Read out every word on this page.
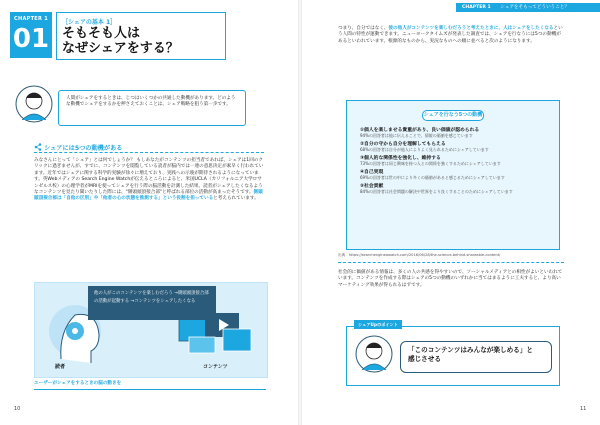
CHAPTER 1
01
［シェアの基本 1］
そもそも人は
なぜシェアをする？
人間がシェアをするときは、じつはいくつかの共通した動機があります。どのような動機でシェアをするかを押さえておくことは、シェア戦略を狙う第一歩です。
シェアには5つの動機がある
みなさんにとって「シェア」とは何でしょうか？ もしあなたがコンテンツの担当者であれば、シェアは1回のクリックに過ぎませんが、すでに、コンテンツを閲覧している読者が脳内では一連の意思決定が素早く行われています。近年ではシェアに関する科学的実験が徐々に増えており、実践への示唆が期待されるようになっています。英Webメディアの Search Engine Watchが伝えるところによると、米国UCLA（カリフォルニア大学ロサンゼルス校）の心理学者がMRIを使ってシェアを行う際の脳活動を計測した結果、読者がシェアしたくなるようなコンテンツを見たり聞いたりした際には、"側頭頭頂接合部"と呼ばれる部位の活動が高まったそうです。側頭頭頂接合部は「自他の区別」や「他者の心の状態を推測する」という役割を担っていると考えられています。
読者	コンテンツ
他の人がこのコンテンツを楽しむだろう →側頭頭頂接合部の活動が起動する →コンテンツをシェアしたくなる
ユーザーがシェアをするときの脳の動きを
10
CHAPTER 1 シェアをそもってどういうこと？
つまり、自分ではなく、彼の他人がコンテンツを楽しむだろうと考えたときに、人はシェアをしたくなるという人間の特性が運動できます。ニューヨークタイムズが発表した調査では、シェアを行なうには5つの動機があるといわれています。根源的なものから、実況なものへの順に並べると次のようになります。
シェアを行なう5つの動機
①価人を楽しませる貴重があり、良い価値が認められる
94%の回答者は他に伝えることで、情報の価値を感じています
②自分の守から自分を理解してもらえる
68%の回答者は自分が他人によりよく見られるためにシェアしています
③個人的な関係性を強化し、維持する
73%の回答者は同じ興味を持つ人との関係を強くするためにシェアしています
④自己実現
69%の回答者は世の中により多くの価値があると感じるためにシェアしています
⑤社会貢献
84%の回答者は社会問題の解決や世界をより良くすることのためにシェアしています
出典：https://searchengineowatch.com/2016/06/28/the-science-behind-shareable-content/
社会的に価値がある情報は、多くの人の共感を得やすいので、ソーシャルメディアとの相性がよいといわれています。コンテンツを作成する際はシェアの5つの動機のいずれかに当てはまるように工夫すると、より高いマーケティング効果が得られるはずです。
シェアUpのポイント
「このコンテンツはみんなが楽しめる」と
感じさせる
11
